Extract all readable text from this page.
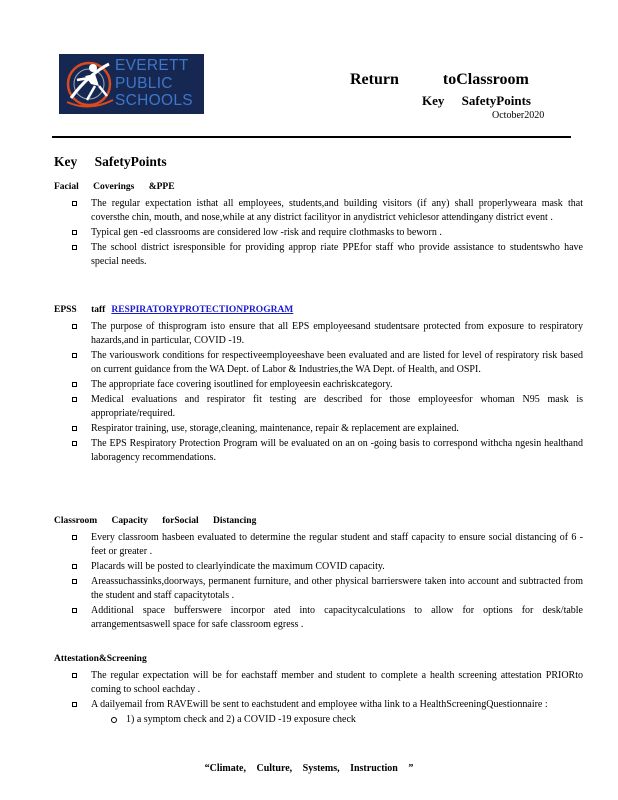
EVERETT
PUBLIC
SCHOOLS
Return toClassroom
Key SafetyPoints
October2020
Key SafetyPoints
Facial Coverings &PPE
The regular expectation isthat all employees, students,and building visitors (if any) shall properlyweara mask that coversthe chin, mouth, and nose,while at any district facilityor in anydistrict vehiclesor attendingany district event .
Typical gen -ed classrooms are considered low -risk and require clothmasks to beworn .
The school district isresponsible for providing approp riate PPEfor staff who provide assistance to studentswho have special needs.
EPSS taff RESPIRATORYPROTECTIONPROGRAM
The purpose of thisprogram isto ensure that all EPS employeesand studentsare protected from exposure to respiratory hazards,and in particular, COVID -19.
The variouswork conditions for respectiveemployeeshave been evaluated and are listed for level of respiratory risk based on current guidance from the WA Dept. of Labor & Industries,the WA Dept. of Health, and OSPI.
The appropriate face covering isoutlined for employeesin eachriskcategory.
Medical evaluations and respirator fit testing are described for those employeesfor whoman N95 mask is appropriate/required.
Respirator training, use, storage,cleaning, maintenance, repair & replacement are explained.
The EPS Respiratory Protection Program will be evaluated on an on -going basis to correspond withcha ngesin healthand laboragency recommendations.
Classroom Capacity forSocial Distancing
Every classroom hasbeen evaluated to determine the regular student and staff capacity to ensure social distancing of 6 -feet or greater .
Placards will be posted to clearlyindicate the maximum COVID capacity.
Areassuchassinks,doorways, permanent furniture, and other physical barrierswere taken into account and subtracted from the student and staff capacitytotals .
Additional space bufferswere incorpor ated into capacitycalculations to allow for options for desk/table arrangementsaswell space for safe classroom egress .
Attestation&Screening
The regular expectation will be for eachstaff member and student to complete a health screening attestation PRIORto coming to school eachday .
A dailyemail from RAVEwill be sent to eachstudent and employee witha link to a HealthScreeningQuestionnaire :
1) a symptom check and 2) a COVID -19 exposure check
“Climate, Culture, Systems, Instruction ”
